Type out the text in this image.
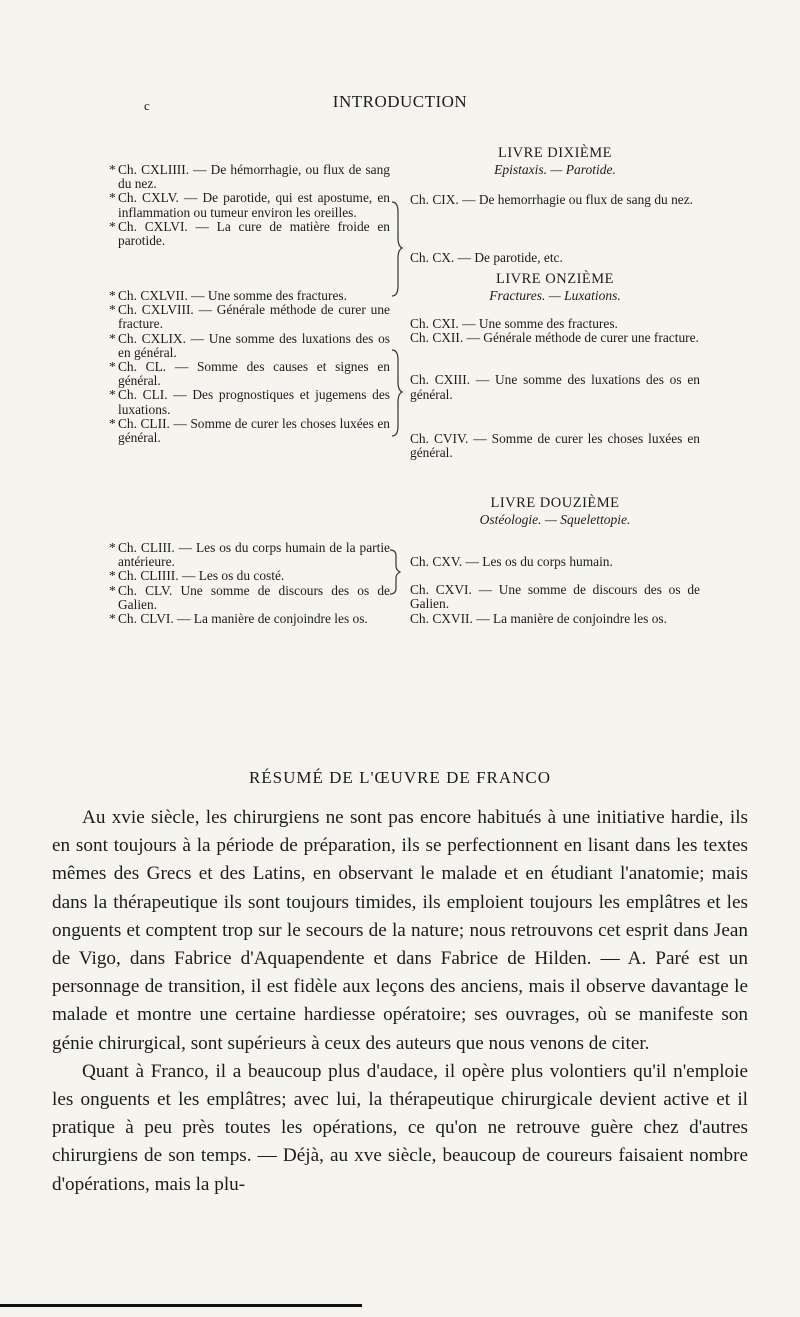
c	INTRODUCTION

* Ch. CXLIIII. — De hémorrhagie, ou flux de sang du nez.

* Ch. CXLV. — De parotide, qui est apostume, en inflammation ou tumeur environ les oreilles.

* Ch. CXLVI. — La cure de matière froide en parotide.

* Ch. CXLVII. — Une somme des fractures.

* Ch. CXLVIII. — Générale méthode de curer une fracture.

* Ch. CXLIX. — Une somme des luxations des os en général.

* Ch. CL. — Somme des causes et signes en général.

* Ch. CLI. — Des prognostiques et jugemens des luxations.

* Ch. CLII. — Somme de curer les choses luxées en général.

* Ch. CLIII. — Les os du corps humain de la partie antérieure.

* Ch. CLIIII. — Les os du costé.

* Ch. CLV. Une somme de discours des os de Galien.

* Ch. CLVI. — La manière de conjoindre les os.

LIVRE DIXIÈME
Epistaxis. — Parotide.

Ch. CIX. — De hemorrhagie ou flux de sang du nez.

Ch. CX. — De parotide, etc.

LIVRE ONZIÈME
Fractures. — Luxations.

Ch. CXI. — Une somme des fractures.

Ch. CXII. — Générale méthode de curer une fracture.

Ch. CXIII. — Une somme des luxations des os en général.

Ch. CVIV. — Somme de curer les choses luxées en général.

LIVRE DOUZIÈME
Ostéologie. — Squelettopie.

Ch. CXV. — Les os du corps humain.

Ch. CXVI. — Une somme de discours des os de Galien.

Ch. CXVII. — La manière de conjoindre les os.

RÉSUMÉ DE L'ŒUVRE DE FRANCO

Au xvie siècle, les chirurgiens ne sont pas encore habitués à une initiative hardie, ils en sont toujours à la période de préparation, ils se perfectionnent en lisant dans les textes mêmes des Grecs et des Latins, en observant le malade et en étudiant l'anatomie; mais dans la thérapeutique ils sont toujours timides, ils emploient toujours les emplâtres et les onguents et comptent trop sur le secours de la nature; nous retrouvons cet esprit dans Jean de Vigo, dans Fabrice d'Aquapendente et dans Fabrice de Hilden. — A. Paré est un personnage de transition, il est fidèle aux leçons des anciens, mais il observe davantage le malade et montre une certaine hardiesse opératoire; ses ouvrages, où se manifeste son génie chirurgical, sont supérieurs à ceux des auteurs que nous venons de citer.

Quant à Franco, il a beaucoup plus d'audace, il opère plus volontiers qu'il n'emploie les onguents et les emplâtres; avec lui, la thérapeutique chirurgicale devient active et il pratique à peu près toutes les opérations, ce qu'on ne retrouve guère chez d'autres chirurgiens de son temps. — Déjà, au xve siècle, beaucoup de coureurs faisaient nombre d'opérations, mais la plu-
